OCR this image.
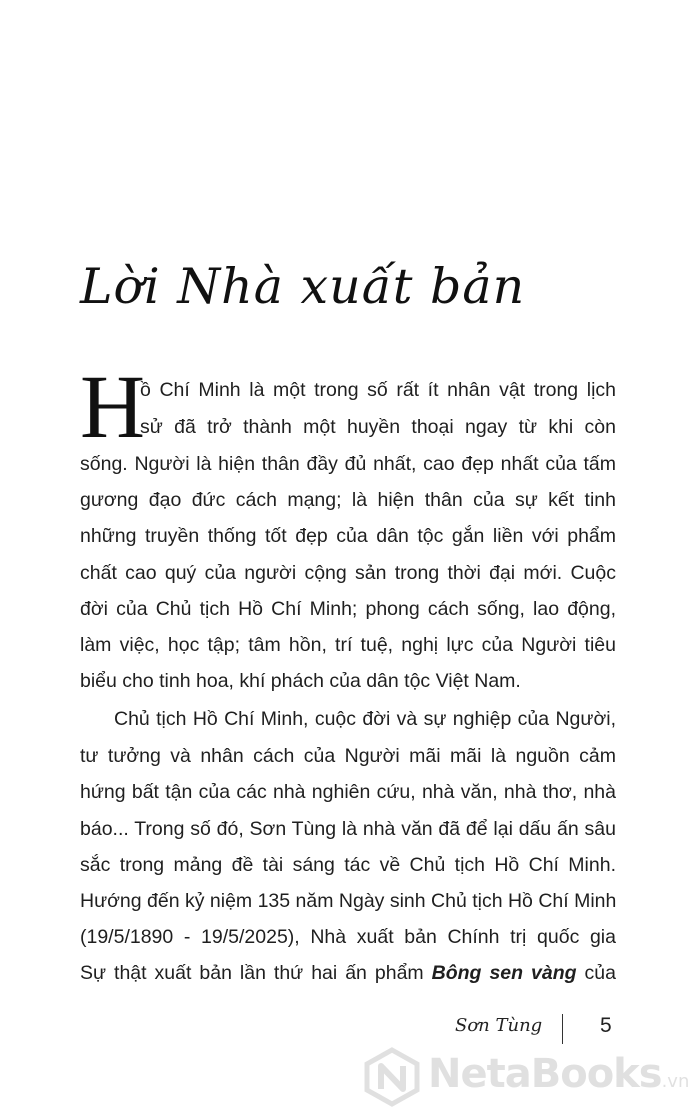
Lời Nhà xuất bản
H
ồ Chí Minh là một trong số rất ít nhân vật trong lịch
sử đã trở thành một huyền thoại ngay từ khi còn
sống. Người là hiện thân đầy đủ nhất, cao đẹp nhất của tấm
gương đạo đức cách mạng; là hiện thân của sự kết tinh
những truyền thống tốt đẹp của dân tộc gắn liền với phẩm
chất cao quý của người cộng sản trong thời đại mới. Cuộc
đời của Chủ tịch Hồ Chí Minh; phong cách sống, lao động,
làm việc, học tập; tâm hồn, trí tuệ, nghị lực của Người tiêu
biểu cho tinh hoa, khí phách của dân tộc Việt Nam.
Chủ tịch Hồ Chí Minh, cuộc đời và sự nghiệp của Người,
tư tưởng và nhân cách của Người mãi mãi là nguồn cảm
hứng bất tận của các nhà nghiên cứu, nhà văn, nhà thơ, nhà
báo... Trong số đó, Sơn Tùng là nhà văn đã để lại dấu ấn sâu
sắc trong mảng đề tài sáng tác về Chủ tịch Hồ Chí Minh.
Hướng đến kỷ niệm 135 năm Ngày sinh Chủ tịch Hồ Chí Minh
(19/5/1890 - 19/5/2025), Nhà xuất bản Chính trị quốc gia
Sự thật xuất bản lần thứ hai ấn phẩm Bông sen vàng của
Sơn Tùng	5
NetaBooks.vn
